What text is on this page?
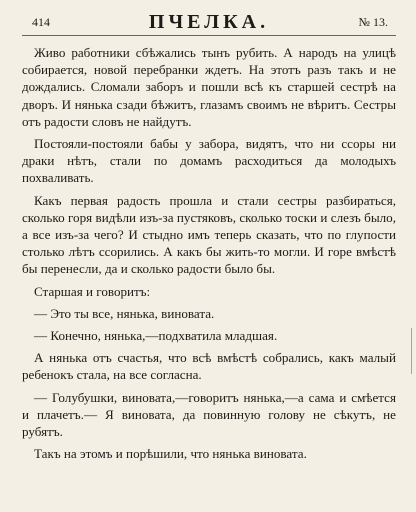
414	ПЧЕЛКА.	№ 13.

Живо работники сбѣжались тынъ рубить. А народъ на улицѣ собирается, новой перебранки ждетъ. На этотъ разъ такъ и не дождались. Сломали заборъ и пошли всѣ къ старшей сестрѣ на дворъ. И нянька сзади бѣжитъ, глазамъ своимъ не вѣритъ. Сестры отъ радости словъ не найдутъ.

Постояли-постояли бабы у забора, видятъ, что ни ссоры ни драки нѣтъ, стали по домамъ расходиться да молодыхъ похваливать.

Какъ первая радость прошла и стали сестры разбираться, сколько горя видѣли изъ-за пустяковъ, сколько тоски и слезъ было, а все изъ-за чего? И стыдно имъ теперь сказать, что по глупости столько лѣтъ ссорились. А какъ бы жить-то могли. И горе вмѣстѣ бы перенесли, да и сколько радости было бы.

Старшая и говоритъ:

— Это ты все, нянька, виновата.

— Конечно, нянька,—подхватила младшая.

А нянька отъ счастья, что всѣ вмѣстѣ собрались, какъ малый ребенокъ стала, на все согласна.

— Голубушки, виновата,—говоритъ нянька,—а сама и смѣется и плачетъ.— Я виновата, да повинную голову не сѣкутъ, не рубятъ.

Такъ на этомъ и порѣшили, что нянька виновата.
